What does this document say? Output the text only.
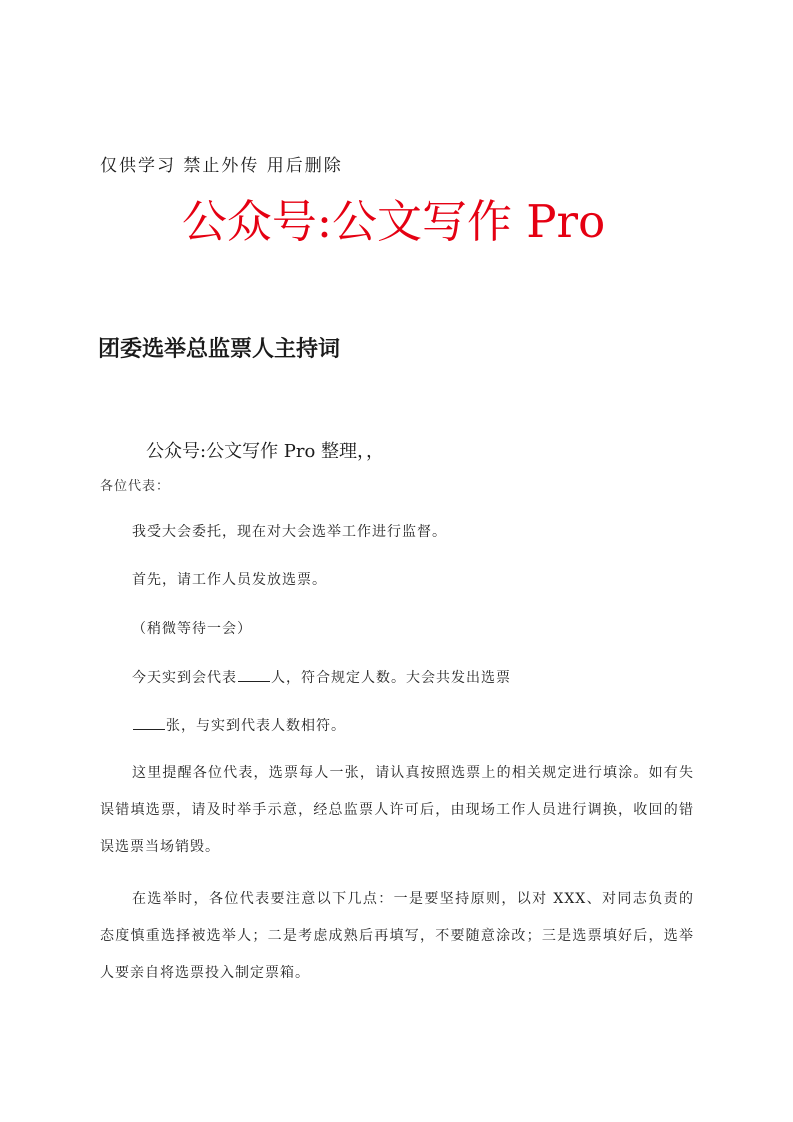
仅供学习 禁止外传 用后删除
公众号:公文写作 Pro
团委选举总监票人主持词
公众号:公文写作 Pro 整理，，
各位代表：

我受大会委托，现在对大会选举工作进行监督。

首先，请工作人员发放选票。

（稍微等待一会）

今天实到会代表 人，符合规定人数。大会共发出选票

张，与实到代表人数相符。

这里提醒各位代表，选票每人一张，请认真按照选票上的相关规定进行填涂。如有失误错填选票，请及时举手示意，经总监票人许可后，由现场工作人员进行调换，收回的错误选票当场销毁。

在选举时，各位代表要注意以下几点：一是要坚持原则，以对 XXX、对同志负责的态度慎重选择被选举人；二是考虑成熟后再填写，不要随意涂改；三是选票填好后，选举人要亲自将选票投入制定票箱。
